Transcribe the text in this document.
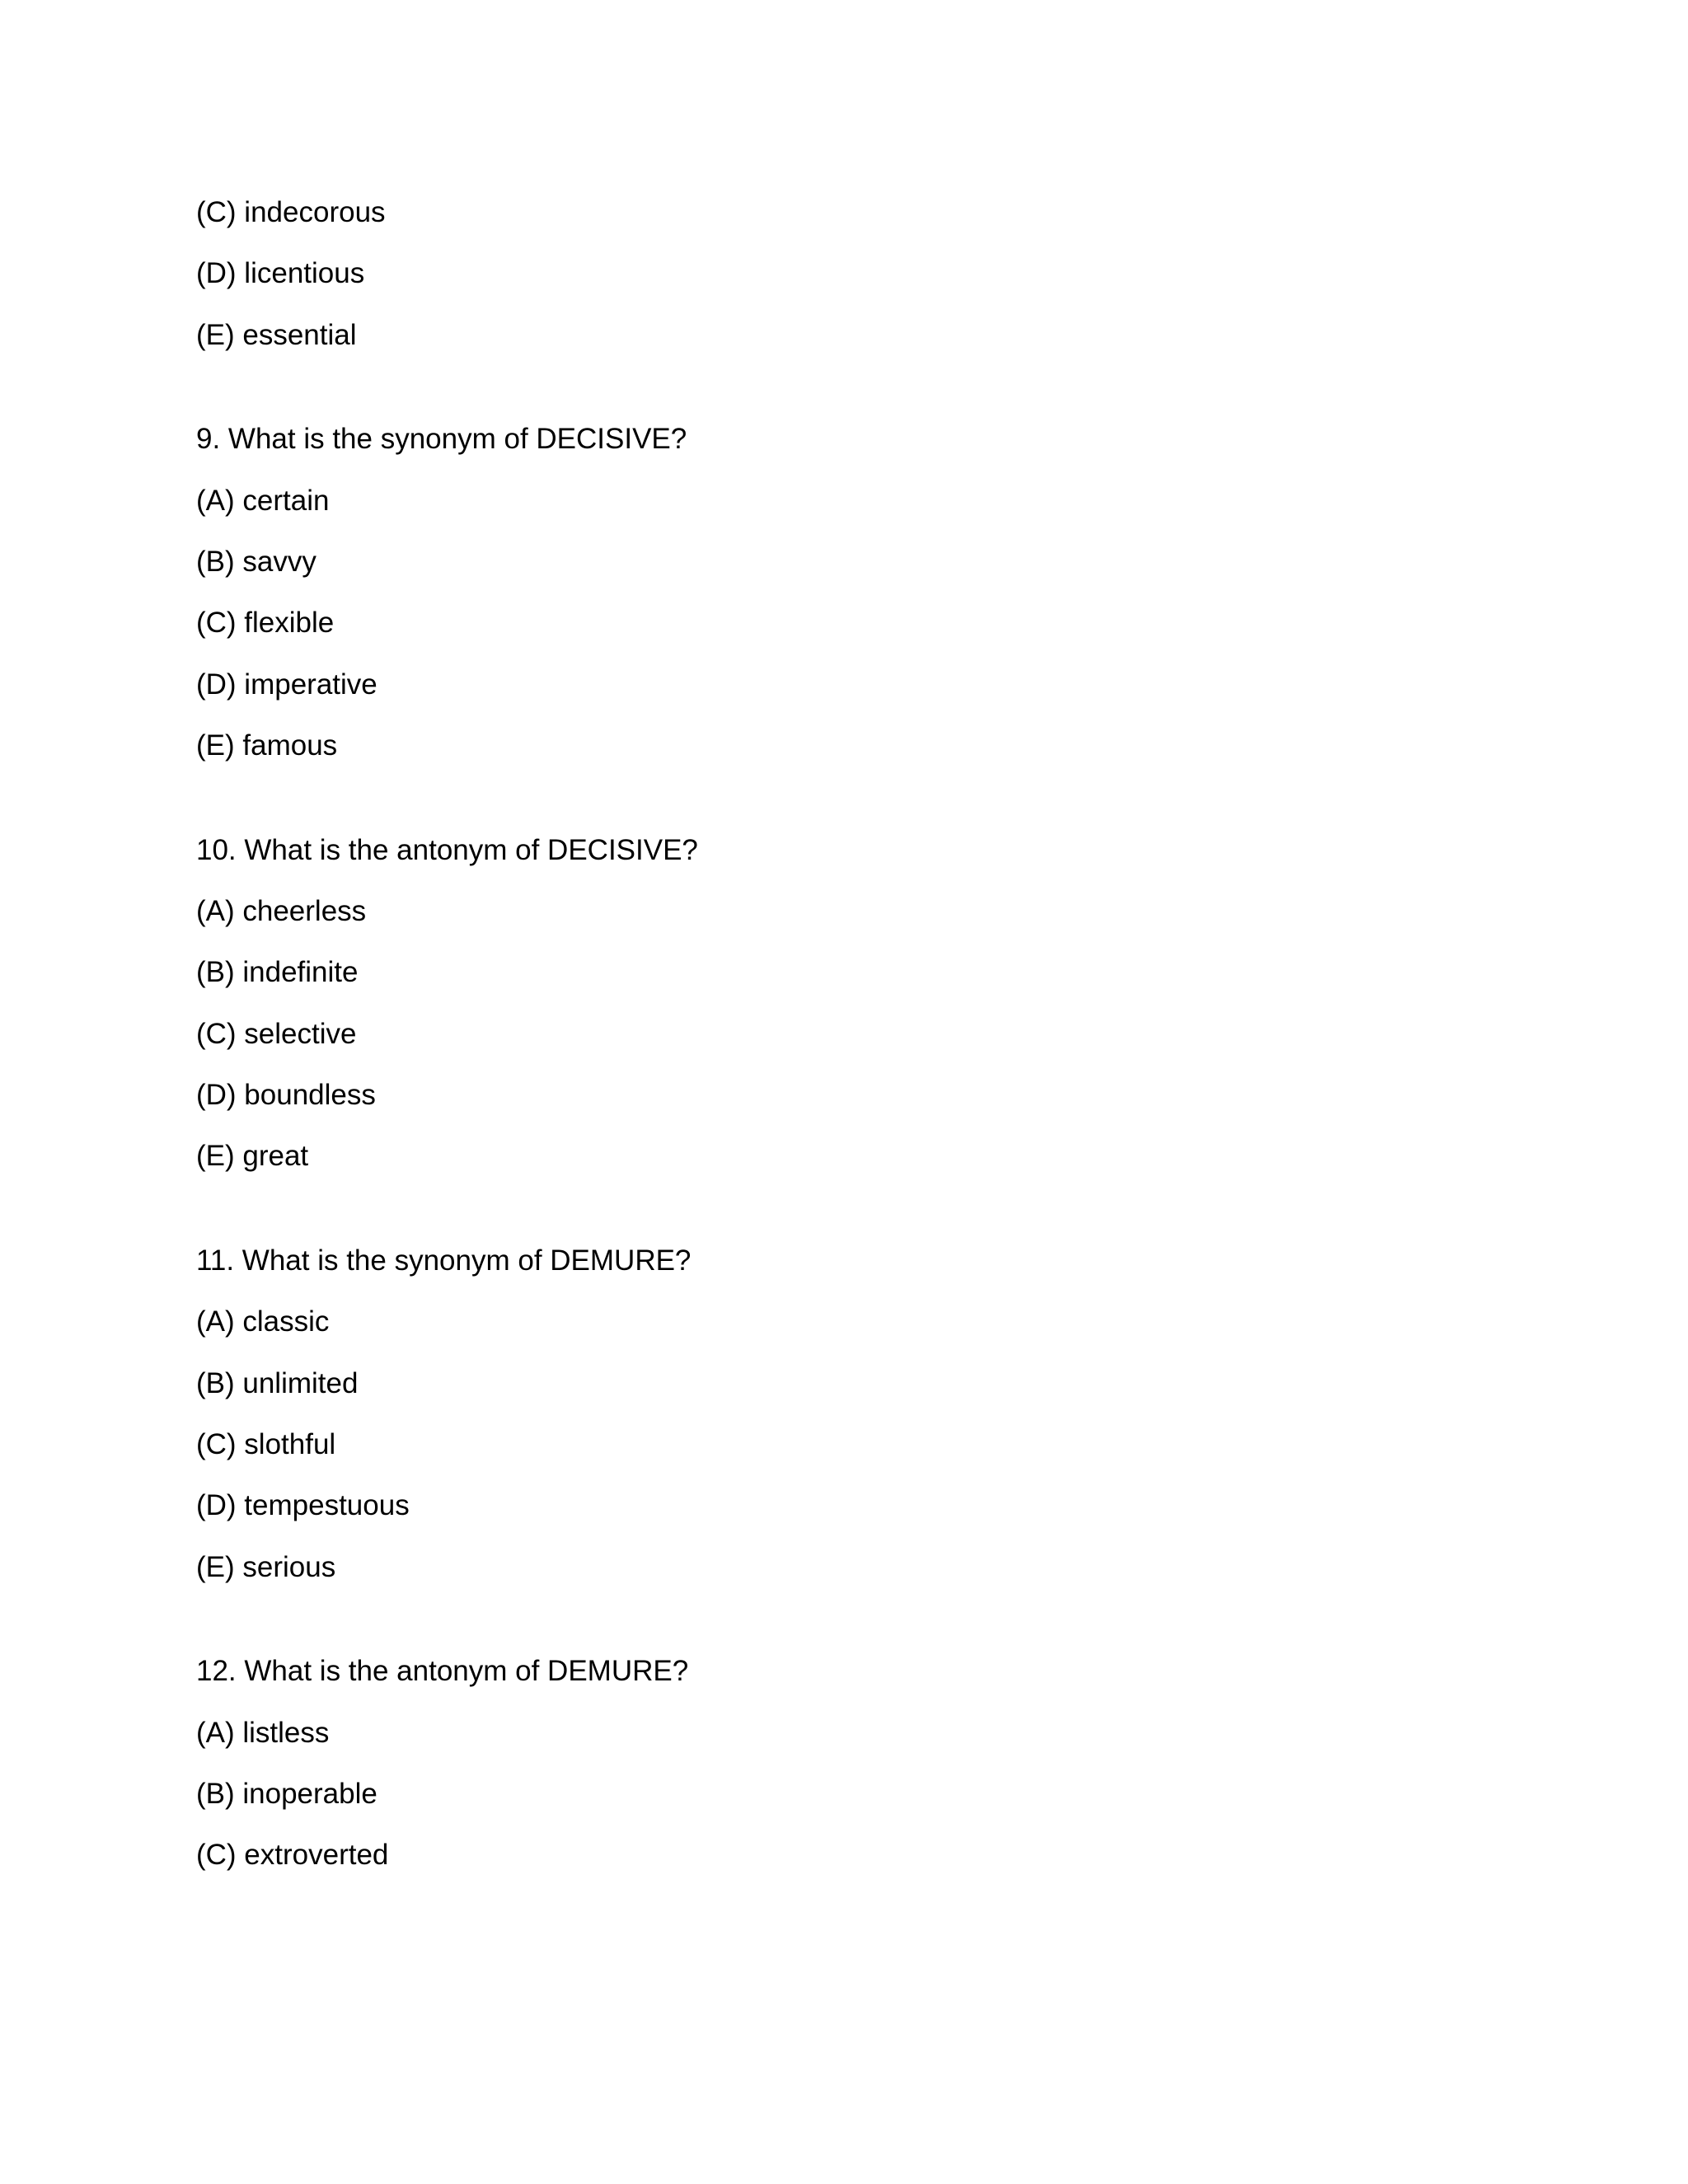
(C) indecorous
(D) licentious
(E) essential
9. What is the synonym of DECISIVE?
(A) certain
(B) savvy
(C) flexible
(D) imperative
(E) famous
10. What is the antonym of DECISIVE?
(A) cheerless
(B) indefinite
(C) selective
(D) boundless
(E) great
11. What is the synonym of DEMURE?
(A) classic
(B) unlimited
(C) slothful
(D) tempestuous
(E) serious
12. What is the antonym of DEMURE?
(A) listless
(B) inoperable
(C) extroverted
